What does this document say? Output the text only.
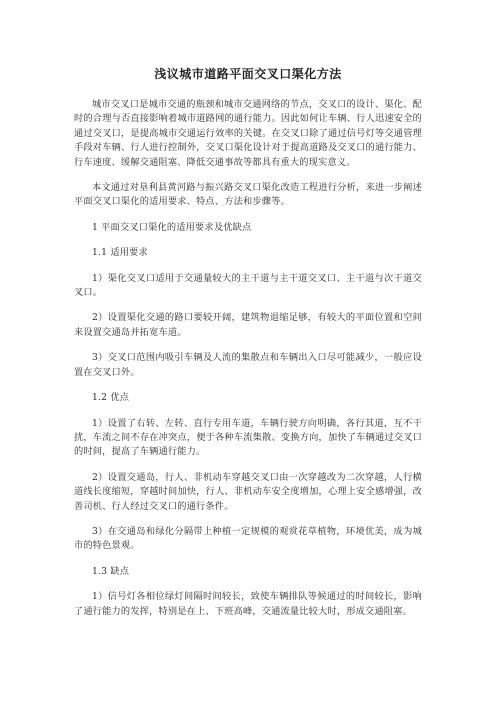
浅议城市道路平面交叉口渠化方法

城市交叉口是城市交通的瓶颈和城市交通网络的节点，交叉口的设计、渠化、配时的合理与否直接影响着城市道路网的通行能力。因此如何让车辆、行人迅速安全的通过交叉口，是提高城市交通运行效率的关键。在交叉口除了通过信号灯等交通管理手段对车辆、行人进行控制外，交叉口渠化设计对于提高道路及交叉口的通行能力、行车速度、缓解交通阻塞、降低交通事故等都具有重大的现实意义。

本文通过对垦利县黄河路与振兴路交叉口渠化改造工程进行分析，来进一步阐述平面交叉口渠化的适用要求、特点、方法和步骤等。

1 平面交叉口渠化的适用要求及优缺点

1.1 适用要求

1）渠化交叉口适用于交通量较大的主干道与主干道交叉口、主干道与次干道交叉口。

2）设置渠化交通的路口要较开阔，建筑物退缩足够，有较大的平面位置和空间来设置交通岛并拓宽车道。

3）交叉口范围内吸引车辆及人流的集散点和车辆出入口尽可能减少，一般应设置在交叉口外。

1.2 优点

1）设置了右转、左转、直行专用车道，车辆行驶方向明确，各行其道，互不干扰，车流之间不存在冲突点，便于各种车流集散、变换方向，加快了车辆通过交叉口的时间，提高了车辆通行能力。

2）设置交通岛，行人、非机动车穿越交叉口由一次穿越改为二次穿越，人行横道线长度缩短，穿越时间加快，行人、非机动车安全度增加，心理上安全感增强，改善司机、行人经过交叉口的通行条件。

3）在交通岛和绿化分隔带上种植一定规模的观赏花草植物，环境优美，成为城市的特色景观。

1.3 缺点

1）信号灯各相位绿灯间隔时间较长，致使车辆排队等候通过的时间较长，影响了通行能力的发挥，特别是在上、下班高峰，交通流量比较大时，形成交通阻塞。
